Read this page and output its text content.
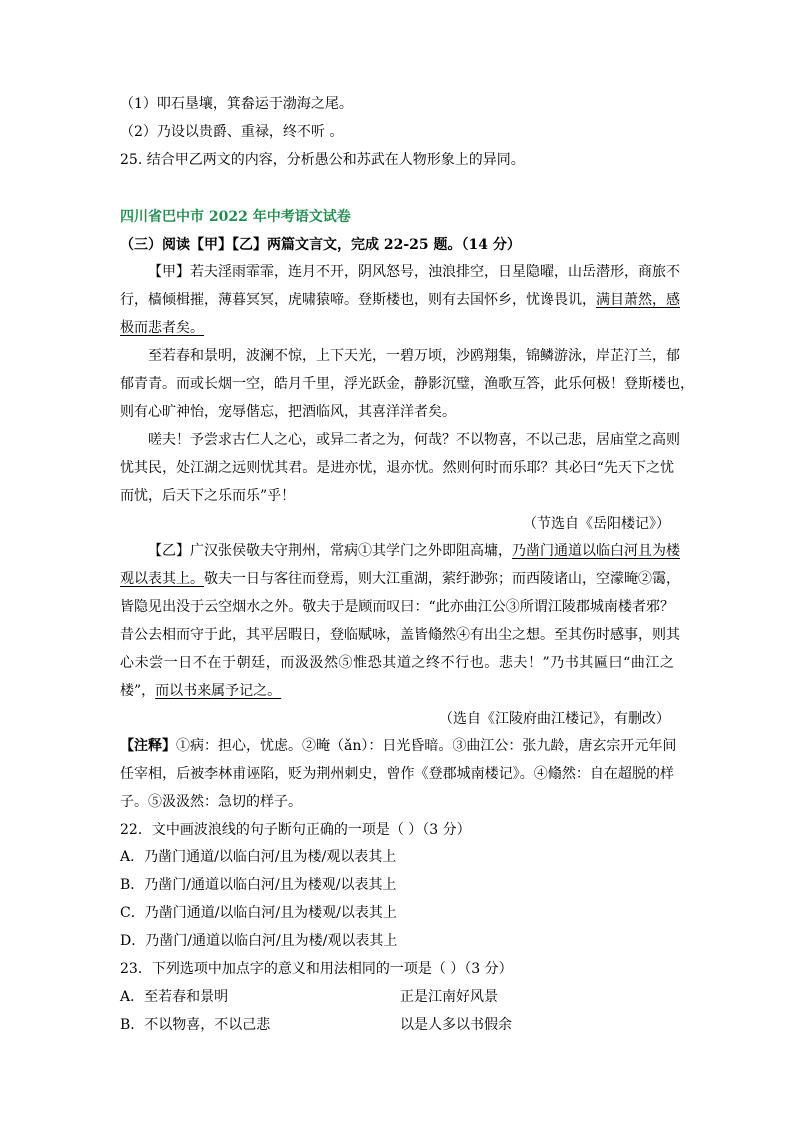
（1）叩石垦壤，箕畚运于渤海之尾。
（2）乃设以贵爵、重禄，终不听 。
25. 结合甲乙两文的内容，分析愚公和苏武在人物形象上的异同。
四川省巴中市 2022 年中考语文试卷
（三）阅读【甲】【乙】两篇文言文，完成 22-25 题。（14 分）
【甲】若夫淫雨霏霏，连月不开，阴风怒号，浊浪排空，日星隐曜，山岳潜形，商旅不
行，樯倾楫摧，薄暮冥冥，虎啸猿啼。登斯楼也，则有去国怀乡，忧谗畏讥，满目萧然，感
极而悲者矣。
至若春和景明，波澜不惊，上下天光，一碧万顷，沙鸥翔集，锦鳞游泳，岸芷汀兰，郁
郁青青。而或长烟一空，皓月千里，浮光跃金，静影沉璧，渔歌互答，此乐何极！登斯楼也，
则有心旷神怡，宠辱偕忘，把酒临风，其喜洋洋者矣。
嗟夫！予尝求古仁人之心，或异二者之为，何哉？不以物喜，不以己悲，居庙堂之高则
忧其民，处江湖之远则忧其君。是进亦忧，退亦忧。然则何时而乐耶？其必曰“先天下之忧
而忧，后天下之乐而乐”乎！
（节选自《岳阳楼记》）
【乙】广汉张侯敬夫守荆州，常病①其学门之外即阻高墉，乃凿门通道以临白河且为楼
观以表其上。敬夫一日与客往而登焉，则大江重湖，萦纡渺弥；而西陵诸山，空濛晻②霭，
皆隐见出没于云空烟水之外。敬夫于是顾而叹曰：“此亦曲江公③所谓江陵郡城南楼者邪？
昔公去相而守于此，其平居暇日，登临赋咏，盖皆翛然④有出尘之想。至其伤时感事，则其
心未尝一日不在于朝廷，而汲汲然⑤惟恐其道之终不行也。悲夫！”乃书其匾曰“曲江之
楼”，而以书来属予记之。
（选自《江陵府曲江楼记》，有删改）
【注释】①病：担心，忧虑。②晻（ǎn）：日光昏暗。③曲江公：张九龄，唐玄宗开元年间
任宰相，后被李林甫诬陷，贬为荆州刺史，曾作《登郡城南楼记》。④翛然：自在超脱的样
子。⑤汲汲然：急切的样子。
22．文中画波浪线的句子断句正确的一项是（ ）（3 分）
A．乃凿门通道/以临白河/且为楼/观以表其上
B．乃凿门/通道以临白河/且为楼观/以表其上
C．乃凿门通道/以临白河/且为楼观/以表其上
D．乃凿门/通道以临白河/且为楼/观以表其上
23．下列选项中加点字的意义和用法相同的一项是（ ）（3 分）
A．至若春和景明	正是江南好风景
B．不以物喜，不以己悲	以是人多以书假余
